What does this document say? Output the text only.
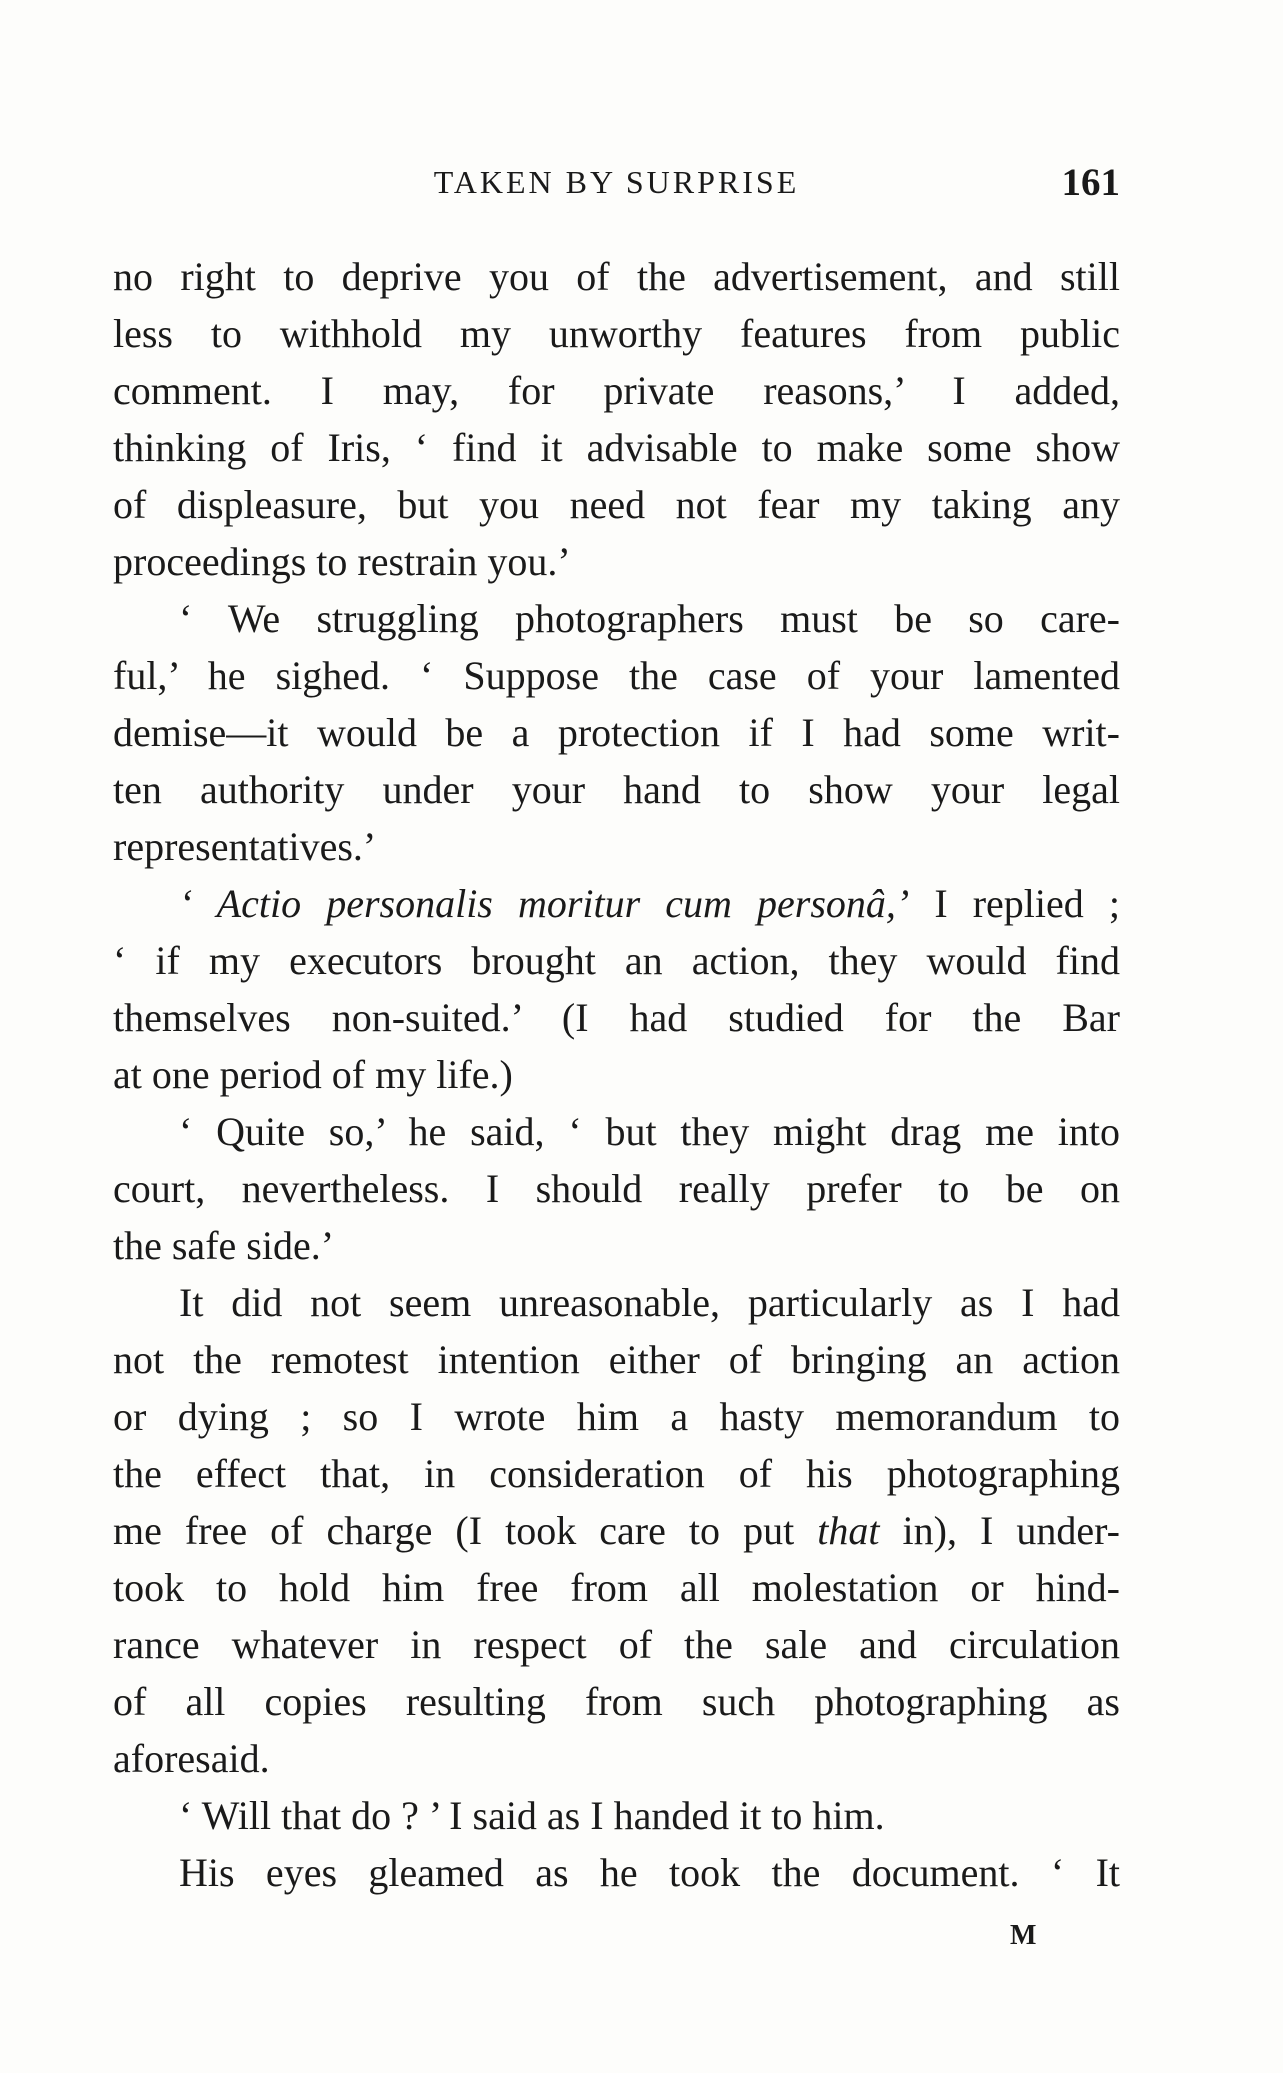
TAKEN BY SURPRISE	161
no right to deprive you of the advertisement, and still
less to withhold my unworthy features from public
comment. I may, for private reasons,’ I added,
thinking of Iris, ‘ find it advisable to make some show
of displeasure, but you need not fear my taking any
proceedings to restrain you.’
‘ We struggling photographers must be so care-
ful,’ he sighed. ‘ Suppose the case of your lamented
demise—it would be a protection if I had some writ-
ten authority under your hand to show your legal
representatives.’
‘ Actio personalis moritur cum personâ,’ I replied ;
‘ if my executors brought an action, they would find
themselves non-suited.’ (I had studied for the Bar
at one period of my life.)
‘ Quite so,’ he said, ‘ but they might drag me into
court, nevertheless. I should really prefer to be on
the safe side.’
It did not seem unreasonable, particularly as I had
not the remotest intention either of bringing an action
or dying ; so I wrote him a hasty memorandum to
the effect that, in consideration of his photographing
me free of charge (I took care to put that in), I under-
took to hold him free from all molestation or hind-
rance whatever in respect of the sale and circulation
of all copies resulting from such photographing as
aforesaid.
‘ Will that do ? ’ I said as I handed it to him.
His eyes gleamed as he took the document. ‘ It
M
